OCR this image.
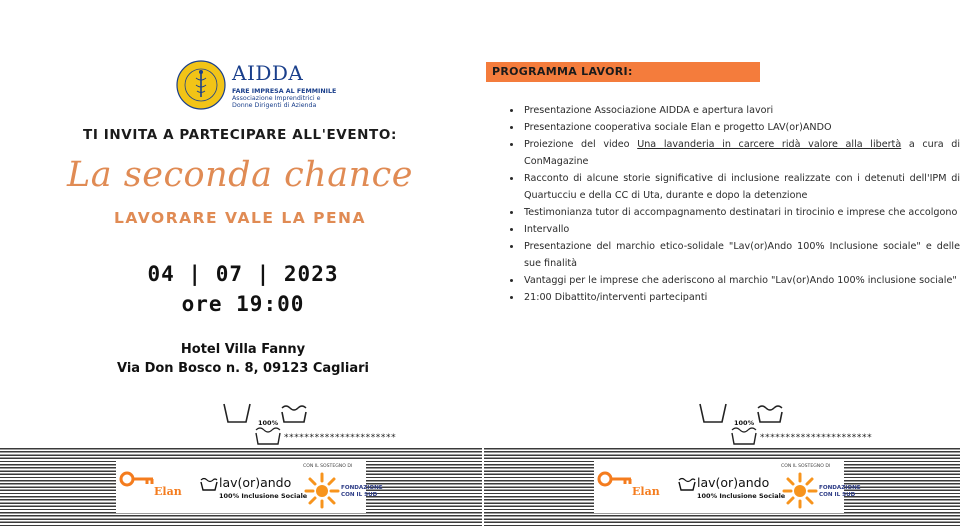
AIDDA
FARE IMPRESA AL FEMMINILE
Associazione Imprenditrici e
Donne Dirigenti di Azienda
TI INVITA A PARTECIPARE ALL'EVENTO:
La seconda chance
LAVORARE VALE LA PENA
04 | 07 | 2023
ore 19:00
Hotel Villa Fanny
Via Don Bosco n. 8, 09123 Cagliari
PROGRAMMA LAVORI:
• Presentazione Associazione AIDDA e apertura lavori
• Presentazione cooperativa sociale Elan e progetto LAV(or)ANDO
• Proiezione del video Una lavanderia in carcere ridà valore alla libertà a cura di ConMagazine
• Racconto di alcune storie significative di inclusione realizzate con i detenuti dell'IPM di Quartucciu e della CC di Uta, durante e dopo la detenzione
• Testimonianza tutor di accompagnamento destinatari in tirocinio e imprese che accolgono
• Intervallo
• Presentazione del marchio etico-solidale "Lav(or)Ando 100% Inclusione sociale" e delle sue finalità
• Vantaggi per le imprese che aderiscono al marchio "Lav(or)Ando 100% inclusione sociale"
• 21:00 Dibattito/interventi partecipanti
**********************
100%
**********************
100%
Elan
lav(or)ando
100% Inclusione Sociale
CON IL SOSTEGNO DI
FONDAZIONE
CON IL SUD	Elan
lav(or)ando
100% Inclusione Sociale
CON IL SOSTEGNO DI
FONDAZIONE
CON IL SUD
